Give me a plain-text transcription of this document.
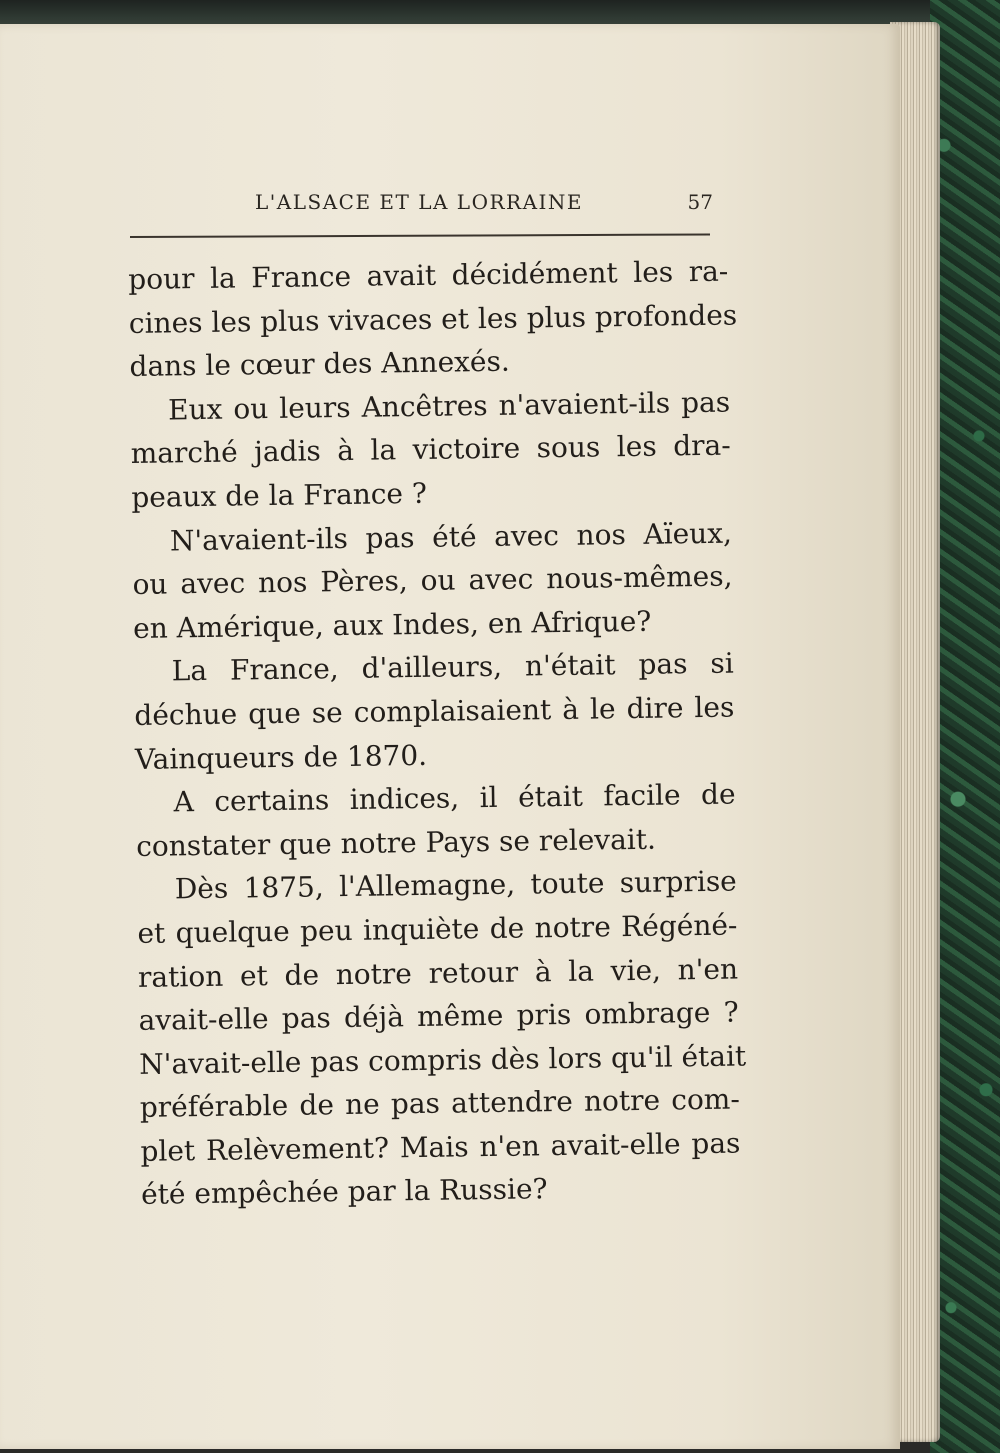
L'ALSACE ET LA LORRAINE	57
pour la France avait décidément les ra-
cines les plus vivaces et les plus profondes
dans le cœur des Annexés.
Eux ou leurs Ancêtres n'avaient-ils pas
marché jadis à la victoire sous les dra-
peaux de la France ?
N'avaient-ils pas été avec nos Aïeux,
ou avec nos Pères, ou avec nous-mêmes,
en Amérique, aux Indes, en Afrique?
La France, d'ailleurs, n'était pas si
déchue que se complaisaient à le dire les
Vainqueurs de 1870.
A certains indices, il était facile de
constater que notre Pays se relevait.
Dès 1875, l'Allemagne, toute surprise
et quelque peu inquiète de notre Régéné-
ration et de notre retour à la vie, n'en
avait-elle pas déjà même pris ombrage ?
N'avait-elle pas compris dès lors qu'il était
préférable de ne pas attendre notre com-
plet Relèvement? Mais n'en avait-elle pas
été empêchée par la Russie?
